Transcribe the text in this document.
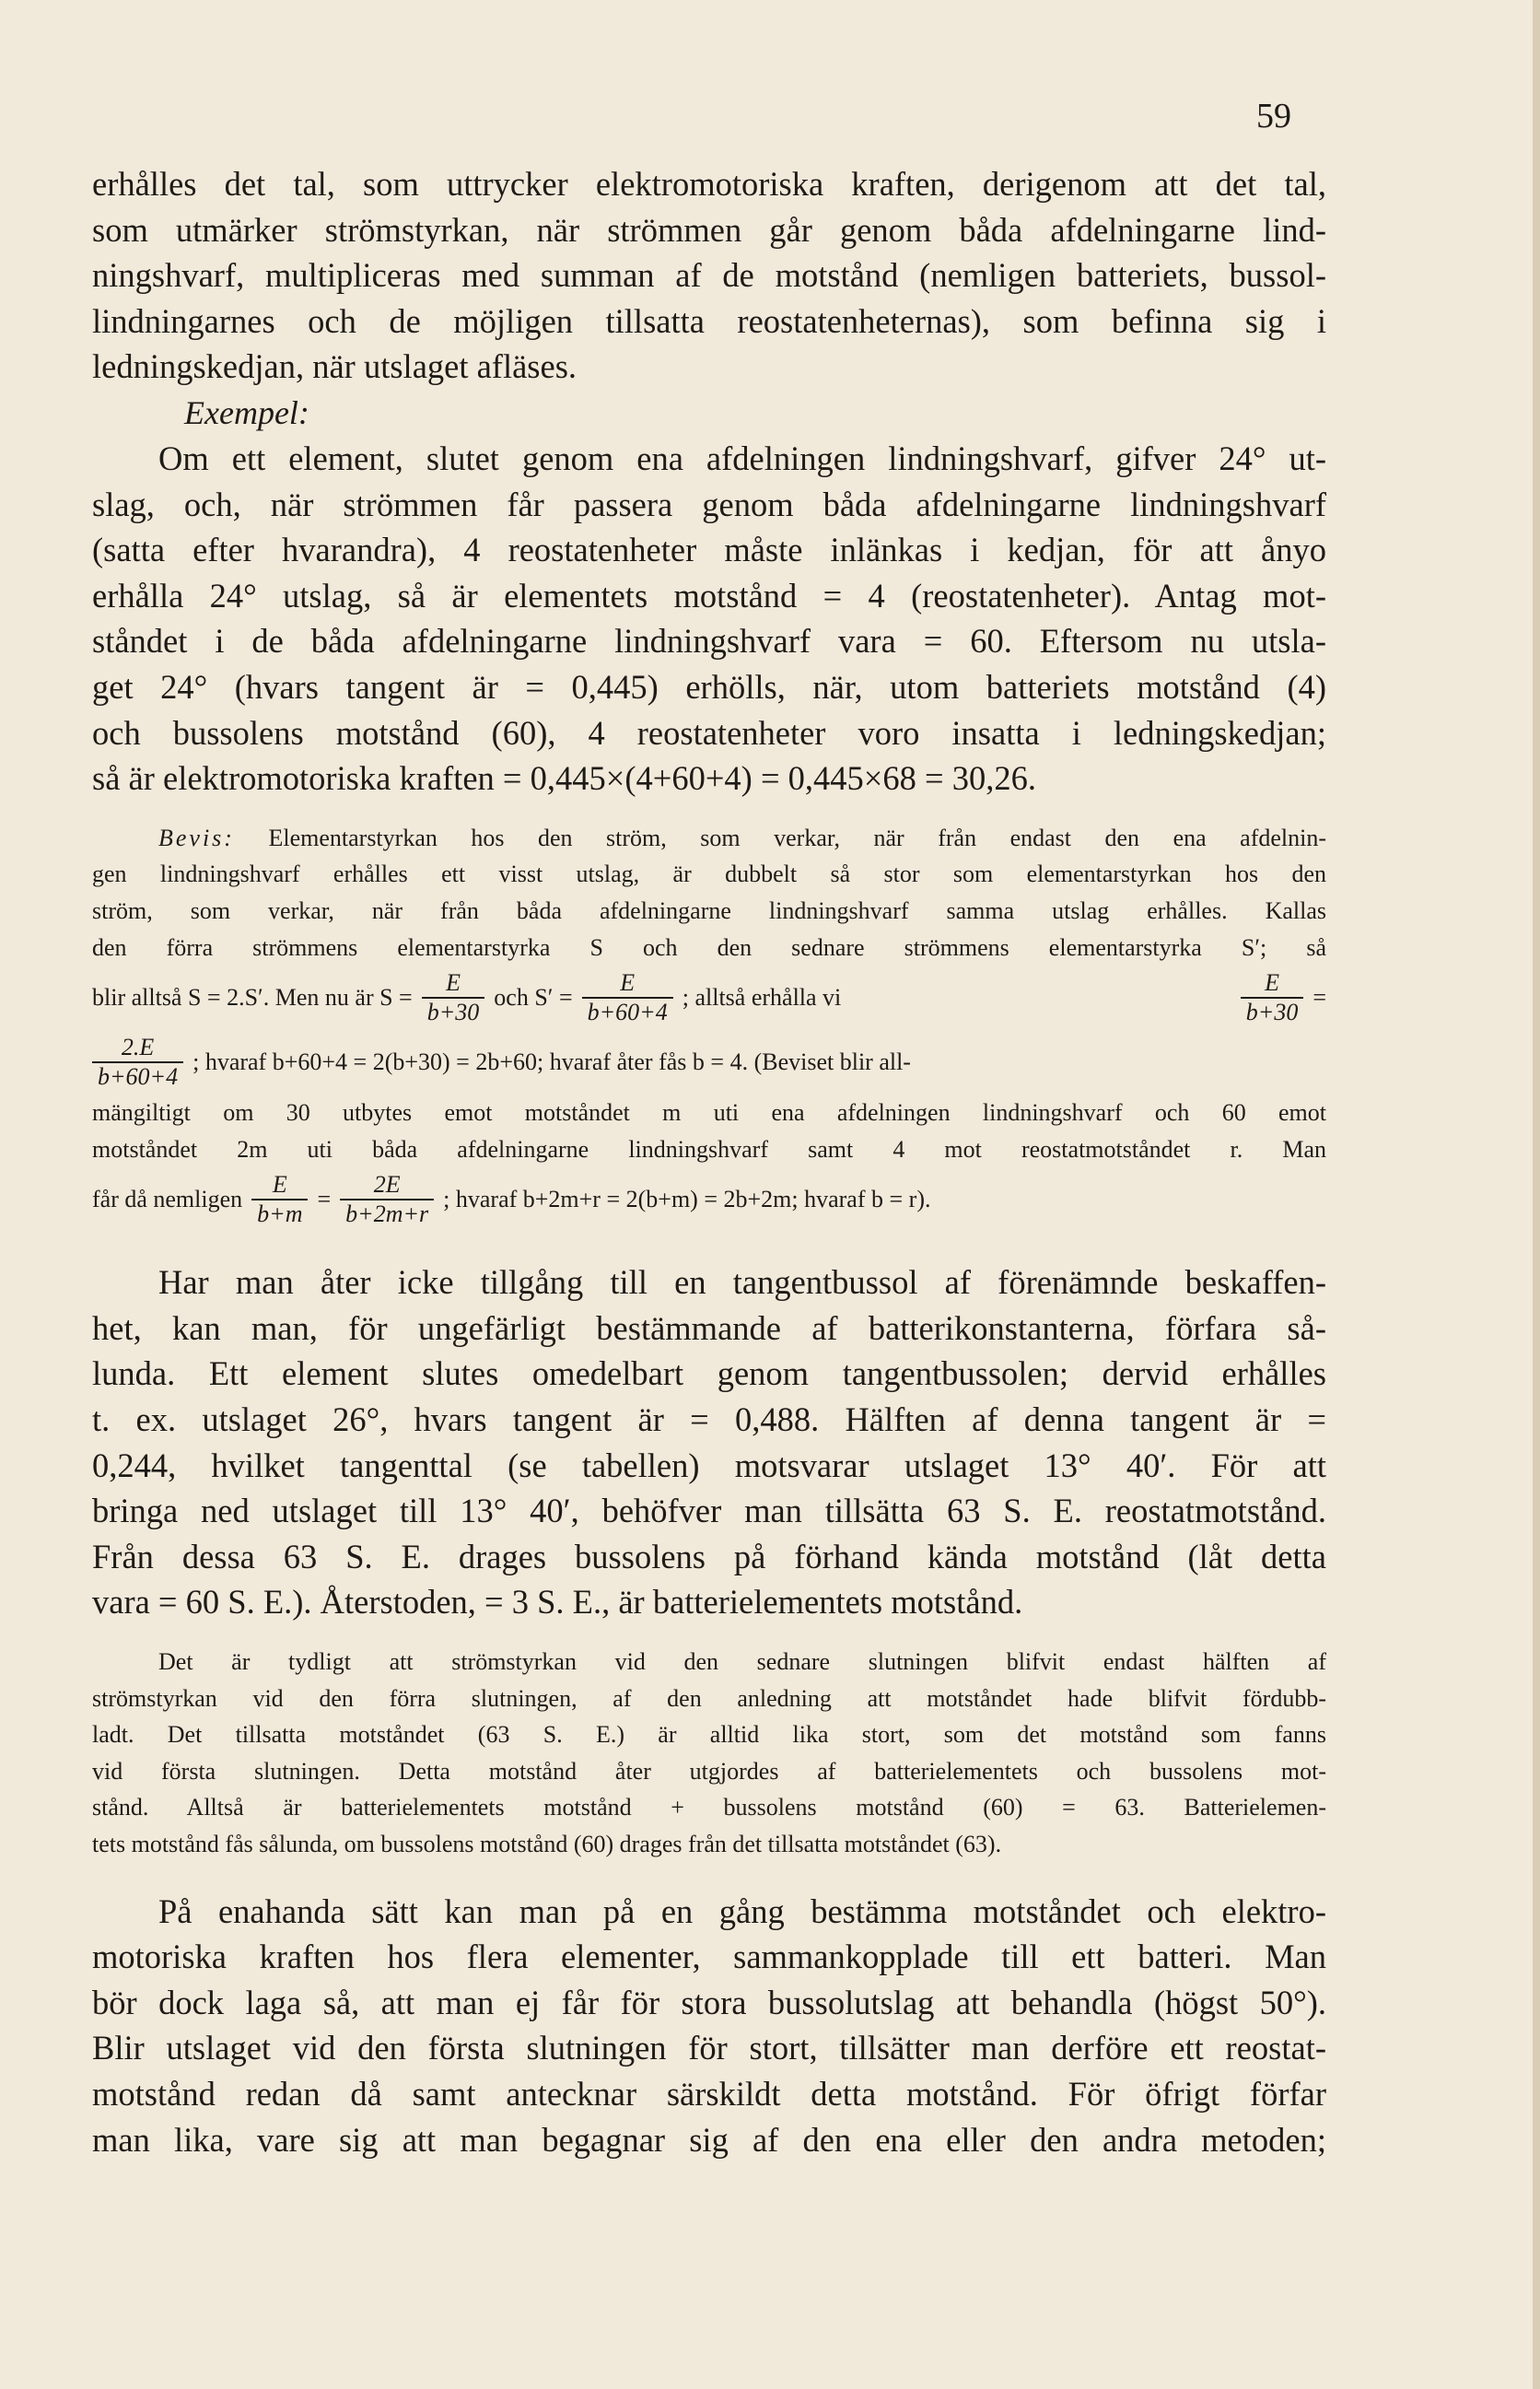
59

erhålles det tal, som uttrycker elektromotoriska kraften, derigenom att det tal,
som utmärker strömstyrkan, när strömmen går genom båda afdelningarne lind-
ningshvarf, multipliceras med summan af de motstånd (nemligen batteriets, bussol-
lindningarnes och de möjligen tillsatta reostatenheternas), som befinna sig i
ledningskedjan, när utslaget afläses.

Exempel:

Om ett element, slutet genom ena afdelningen lindningshvarf, gifver 24° ut-
slag, och, när strömmen får passera genom båda afdelningarne lindningshvarf
(satta efter hvarandra), 4 reostatenheter måste inlänkas i kedjan, för att ånyo
erhålla 24° utslag, så är elementets motstånd = 4 (reostatenheter). Antag mot-
ståndet i de båda afdelningarne lindningshvarf vara = 60. Eftersom nu utsla-
get 24° (hvars tangent är = 0,445) erhölls, när, utom batteriets motstånd (4)
och bussolens motstånd (60), 4 reostatenheter voro insatta i ledningskedjan;
så är elektromotoriska kraften = 0,445×(4+60+4) = 0,445×68 = 30,26.

Bevis: Elementarstyrkan hos den ström, som verkar, när från endast den ena afdelnin-
gen lindningshvarf erhålles ett visst utslag, är dubbelt så stor som elementarstyrkan hos den
ström, som verkar, när från båda afdelningarne lindningshvarf samma utslag erhålles. Kallas
den förra strömmens elementarstyrka S och den sednare strömmens elementarstyrka S′; så
blir alltså S = 2.S′. Men nu är $S = \frac{E}{b+30}$ och $S' = \frac{E}{b+60+4}$ ; alltså erhålla vi	$\frac{E}{b+30}$ =
$\frac{2.E}{b+60+4}$ ; hvaraf b+60+4 = 2(b+30) = 2b+60; hvaraf åter fås b = 4. (Beviset blir all-
mängiltigt om 30 utbytes emot motståndet m uti ena afdelningen lindningshvarf och 60 emot
motståndet 2m uti båda afdelningarne lindningshvarf samt 4 mot reostatmotståndet r. Man
får då nemligen $\frac{E}{b+m} = \frac{2E}{b+2m+r}$ ; hvaraf b+2m+r = 2(b+m) = 2b+2m; hvaraf b = r).

Har man åter icke tillgång till en tangentbussol af förenämnde beskaffen-
het, kan man, för ungefärligt bestämmande af batterikonstanterna, förfara så-
lunda. Ett element slutes omedelbart genom tangentbussolen; dervid erhålles
t. ex. utslaget 26°, hvars tangent är = 0,488. Hälften af denna tangent är =
0,244, hvilket tangenttal (se tabellen) motsvarar utslaget 13° 40′. För att
bringa ned utslaget till 13° 40′, behöfver man tillsätta 63 S. E. reostatmotstånd.
Från dessa 63 S. E. drages bussolens på förhand kända motstånd (låt detta
vara = 60 S. E.). Återstoden, = 3 S. E., är batterielementets motstånd.

Det är tydligt att strömstyrkan vid den sednare slutningen blifvit endast hälften af
strömstyrkan vid den förra slutningen, af den anledning att motståndet hade blifvit fördubb-
ladt. Det tillsatta motståndet (63 S. E.) är alltid lika stort, som det motstånd som fanns
vid första slutningen. Detta motstånd åter utgjordes af batterielementets och bussolens mot-
stånd. Alltså är batterielementets motstånd + bussolens motstånd (60) = 63. Batterielemen-
tets motstånd fås sålunda, om bussolens motstånd (60) drages från det tillsatta motståndet (63).

På enahanda sätt kan man på en gång bestämma motståndet och elektro-
motoriska kraften hos flera elementer, sammankopplade till ett batteri. Man
bör dock laga så, att man ej får för stora bussolutslag att behandla (högst 50°).
Blir utslaget vid den första slutningen för stort, tillsätter man derföre ett reostat-
motstånd redan då samt antecknar särskildt detta motstånd. För öfrigt förfar
man lika, vare sig att man begagnar sig af den ena eller den andra metoden;
